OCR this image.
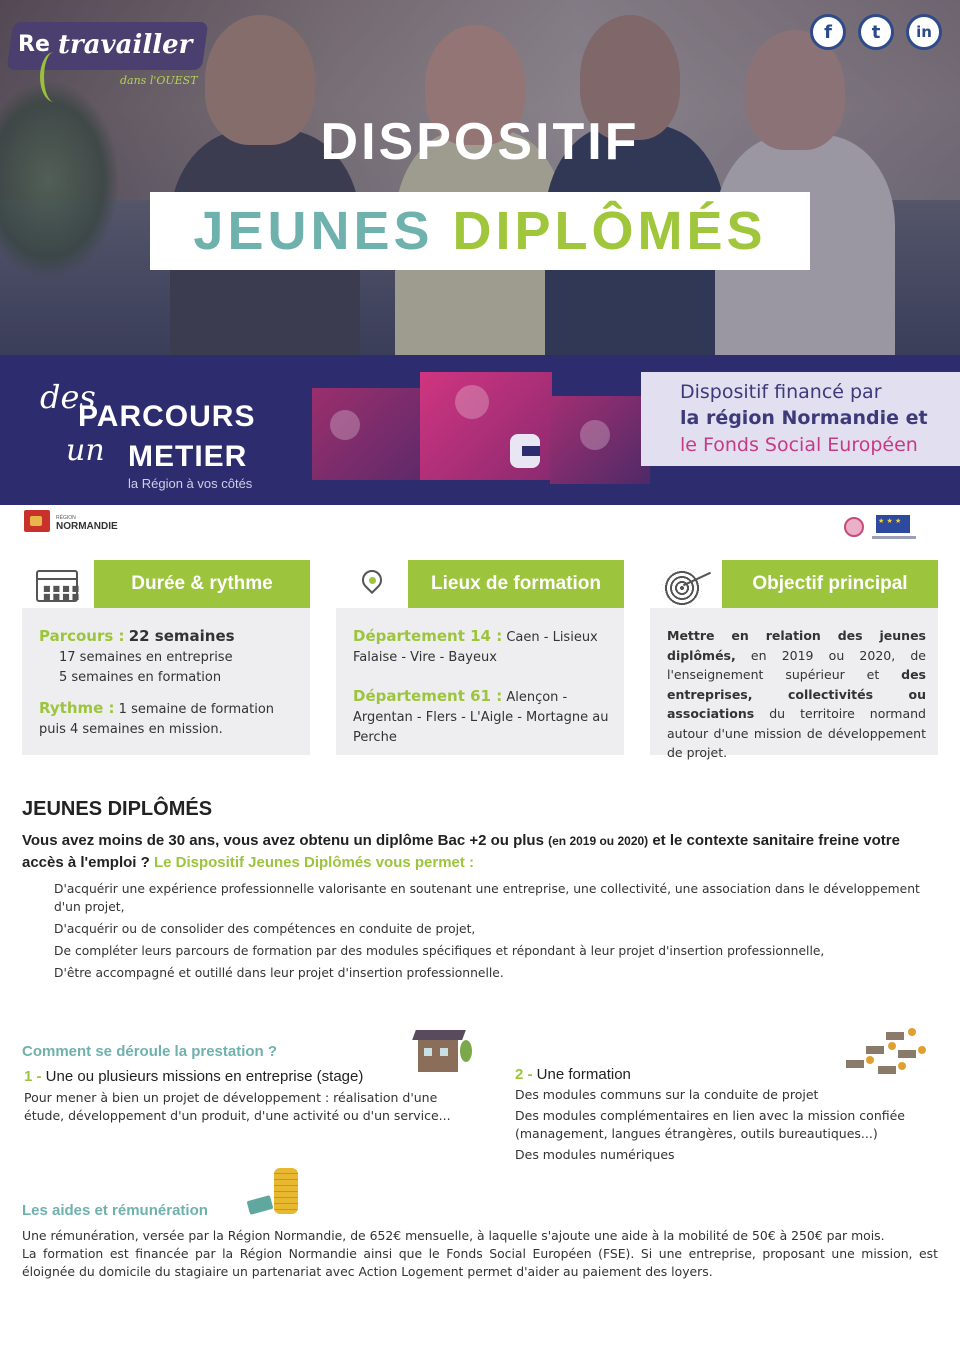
Re travailler
dans l'OUEST
f	t	in
DISPOSITIF
JEUNES DIPLÔMÉS
des
PARCOURS
un METIER
la Région à vos côtés
Dispositif financé par
la région Normandie et
le Fonds Social Européen
RÉGION
NORMANDIE
★ ★ ★
■■■■
■■■■
Durée & rythme
Parcours : 22 semaines
17 semaines en entreprise
5 semaines en formation
Rythme : 1 semaine de formation puis 4 semaines en mission.
Lieux de formation
Département 14 : Caen - Lisieux Falaise - Vire - Bayeux
Département 61 : Alençon - Argentan - Flers - L'Aigle - Mortagne au Perche
Objectif principal
Mettre en relation des jeunes diplômés, en 2019 ou 2020, de l'enseignement supérieur et des entreprises, collectivités ou associations du territoire normand autour d'une mission de développement de projet.
JEUNES DIPLÔMÉS
Vous avez moins de 30 ans, vous avez obtenu un diplôme Bac +2 ou plus (en 2019 ou 2020) et le contexte sanitaire freine votre accès à l'emploi ? Le Dispositif Jeunes Diplômés vous permet :
D'acquérir une expérience professionnelle valorisante en soutenant une entreprise, une collectivité, une association dans le développement d'un projet,
D'acquérir ou de consolider des compétences en conduite de projet,
De compléter leurs parcours de formation par des modules spécifiques et répondant à leur projet d'insertion professionnelle,
D'être accompagné et outillé dans leur projet d'insertion professionnelle.
Comment se déroule la prestation ?
1 - Une ou plusieurs missions en entreprise (stage)
Pour mener à bien un projet de développement : réalisation d'une étude, développement d'un produit, d'une activité ou d'un service...
2 - Une formation
Des modules communs sur la conduite de projet
Des modules complémentaires en lien avec la mission confiée (management, langues étrangères, outils bureautiques...)
Des modules numériques
Les aides et rémunération
Une rémunération, versée par la Région Normandie, de 652€ mensuelle, à laquelle s'ajoute une aide à la mobilité de 50€ à 250€ par mois.
La formation est financée par la Région Normandie ainsi que le Fonds Social Européen (FSE). Si une entreprise, proposant une mission, est éloignée du domicile du stagiaire un partenariat avec Action Logement permet d'aider au paiement des loyers.
